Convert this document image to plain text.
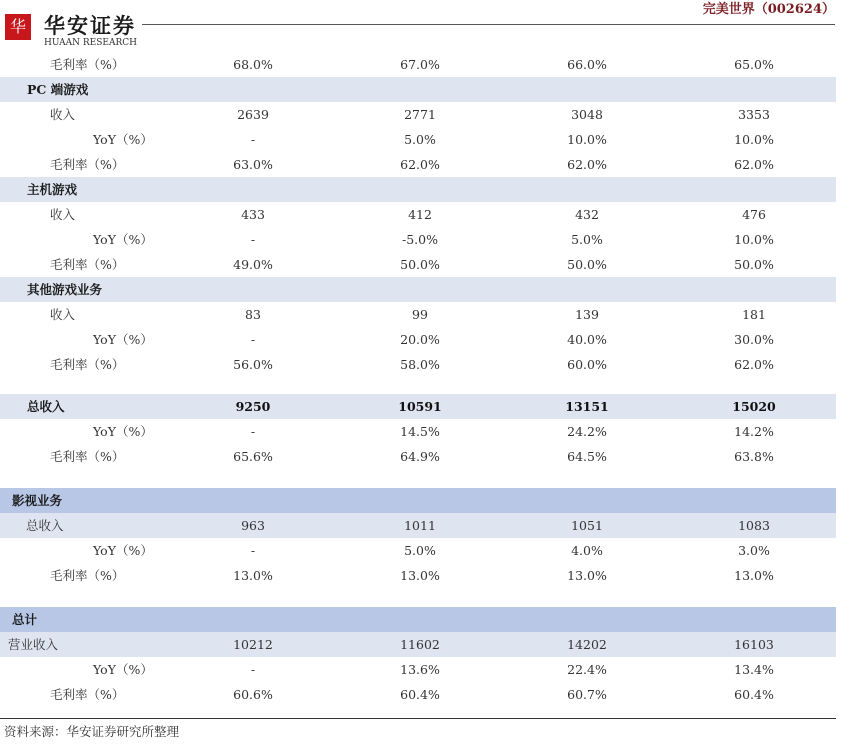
华 华安证券
HUAAN RESEARCH
完美世界（002624）
毛利率（%）	68.0%	67.0%	66.0%	65.0%
PC 端游戏
收入	2639	2771	3048	3353
YoY（%）	-	5.0%	10.0%	10.0%
毛利率（%）	63.0%	62.0%	62.0%	62.0%
主机游戏
收入	433	412	432	476
YoY（%）	-	-5.0%	5.0%	10.0%
毛利率（%）	49.0%	50.0%	50.0%	50.0%
其他游戏业务
收入	83	99	139	181
YoY（%）	-	20.0%	40.0%	30.0%
毛利率（%）	56.0%	58.0%	60.0%	62.0%
总收入	9250	10591	13151	15020
YoY（%）	-	14.5%	24.2%	14.2%
毛利率（%）	65.6%	64.9%	64.5%	63.8%
影视业务
总收入	963	1011	1051	1083
YoY（%）	-	5.0%	4.0%	3.0%
毛利率（%）	13.0%	13.0%	13.0%	13.0%
总计
营业收入	10212	11602	14202	16103
YoY（%）	-	13.6%	22.4%	13.4%
毛利率（%）	60.6%	60.4%	60.7%	60.4%
资料来源：华安证券研究所整理
